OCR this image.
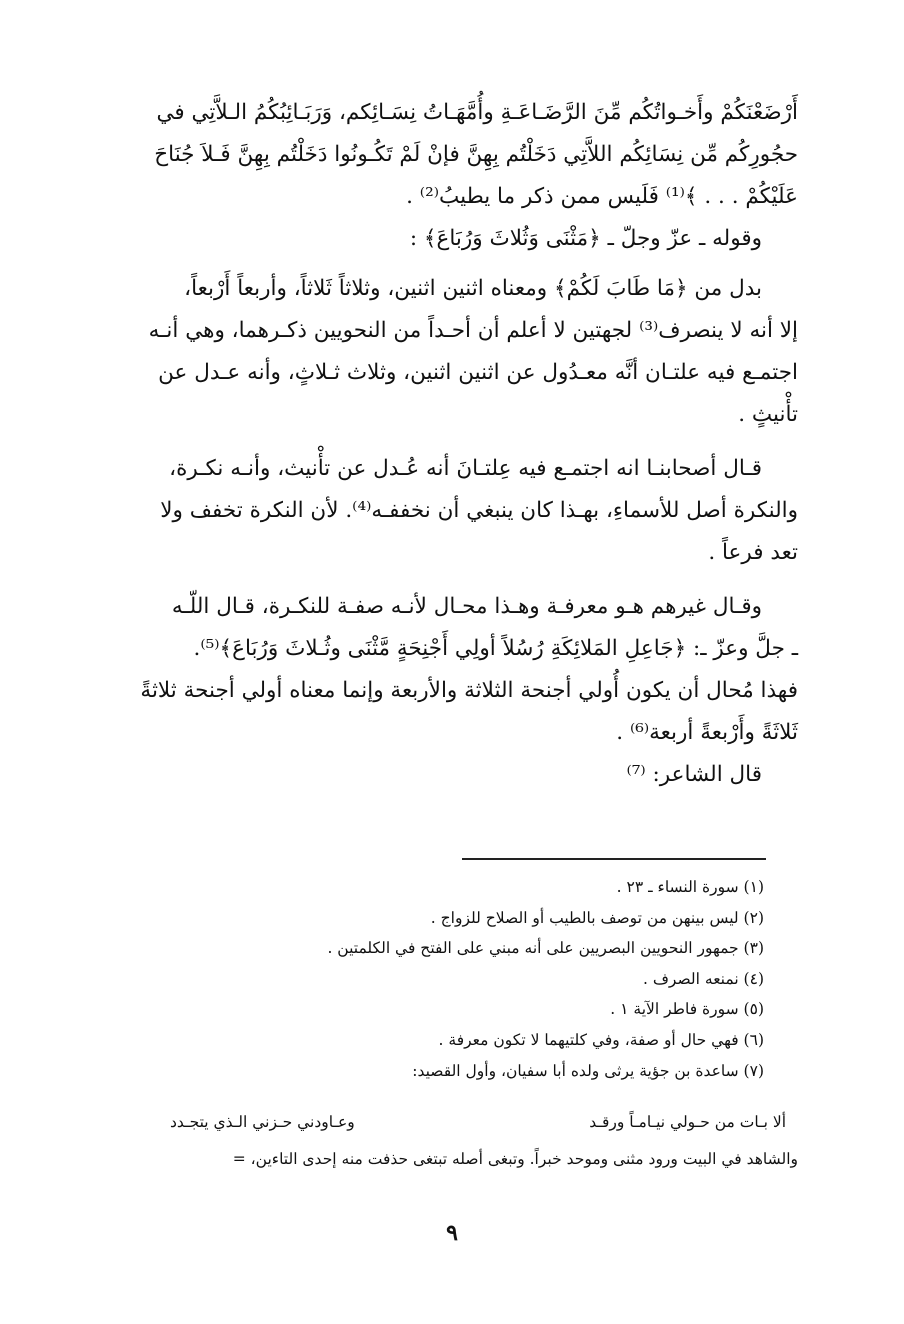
أَرْضَعْنَكُمْ وأَخـواتُكُم مِّنَ الرَّضَـاعَـةِ وأُمَّهَـاتُ نِسَـائِكم، وَرَبَـائِبُكُمُ الـلاَّتِي في
حجُورِكُم مِّن نِسَائِكُم اللاَّتِي دَخَلْتُم بِهِنَّ فإنْ لَمْ تَكُـونُوا دَخَلْتُم بِهِنَّ فَـلاَ جُنَاحَ
عَلَيْكُمْ . . . ﴾⁽¹⁾ فَلَيس ممن ذكر ما يطيبُ⁽²⁾ .
وقوله ـ عزّ وجلّ ـ ﴿مَثْنَى وَثُلاثَ وَرُبَاعَ﴾ :
بدل من ﴿مَا طَابَ لَكُمْ﴾ ومعناه اثنين اثنين، وثلاثاً ثَلاثاً، وأربعاً أَرْبعاً،
إلا أنه لا ينصرف⁽³⁾ لجهتين لا أعلم أن أحـداً من النحويين ذكـرهما، وهي أنـه
اجتمـع فيه علتـان أنَّه معـدُول عن اثنين اثنين، وثلاث ثـلاثٍ، وأنه عـدل عن
تأْنيثٍ .
قـال أصحابنـا انه اجتمـع فيه عِلتـانَ أنه عُـدل عن تأْنيث، وأنـه نكـرة،
والنكرة أصل للأسماءِ، بهـذا كان ينبغي أن نخففـه⁽⁴⁾. لأن النكرة تخفف ولا
تعد فرعاً .
وقـال غيرهم هـو معرفـة وهـذا محـال لأنـه صفـة للنكـرة، قـال اللّـه
ـ جلَّ وعزّ ـ: ﴿جَاعِلِ المَلائِكَةِ رُسُلاً أولِي أَجْنِحَةٍ مَّثْنَى وثُـلاثَ وَرُبَاعَ﴾⁽⁵⁾.
فهذا مُحال أن يكون أُولي أجنحة الثلاثة والأربعة وإنما معناه أولي أجنحة ثلاثةً
ثَلاثَةً وأَرْبعةً أربعة⁽⁶⁾ .
قال الشاعر: ⁽⁷⁾
(١) سورة النساء ـ ٢٣ .
(٢) ليس بينهن من توصف بالطيب أو الصلاح للزواج .
(٣) جمهور النحويين البصريين على أنه مبني على الفتح في الكلمتين .
(٤) نمنعه الصرف .
(٥) سورة فاطر الآية ١ .
(٦) فهي حال أو صفة، وفي كلتيهما لا تكون معرفة .
(٧) ساعدة بن جؤية يرثى ولده أبا سفيان، وأول القصيد:
ألا بـات من حـولي نيـامـاً ورقـد
وعـاودني حـزني الـذي يتجـدد
والشاهد في البيت ورود مثنى وموحد خبراً. وتبغى أصله تبتغى حذفت منه إحدى التاءين، =
٩
